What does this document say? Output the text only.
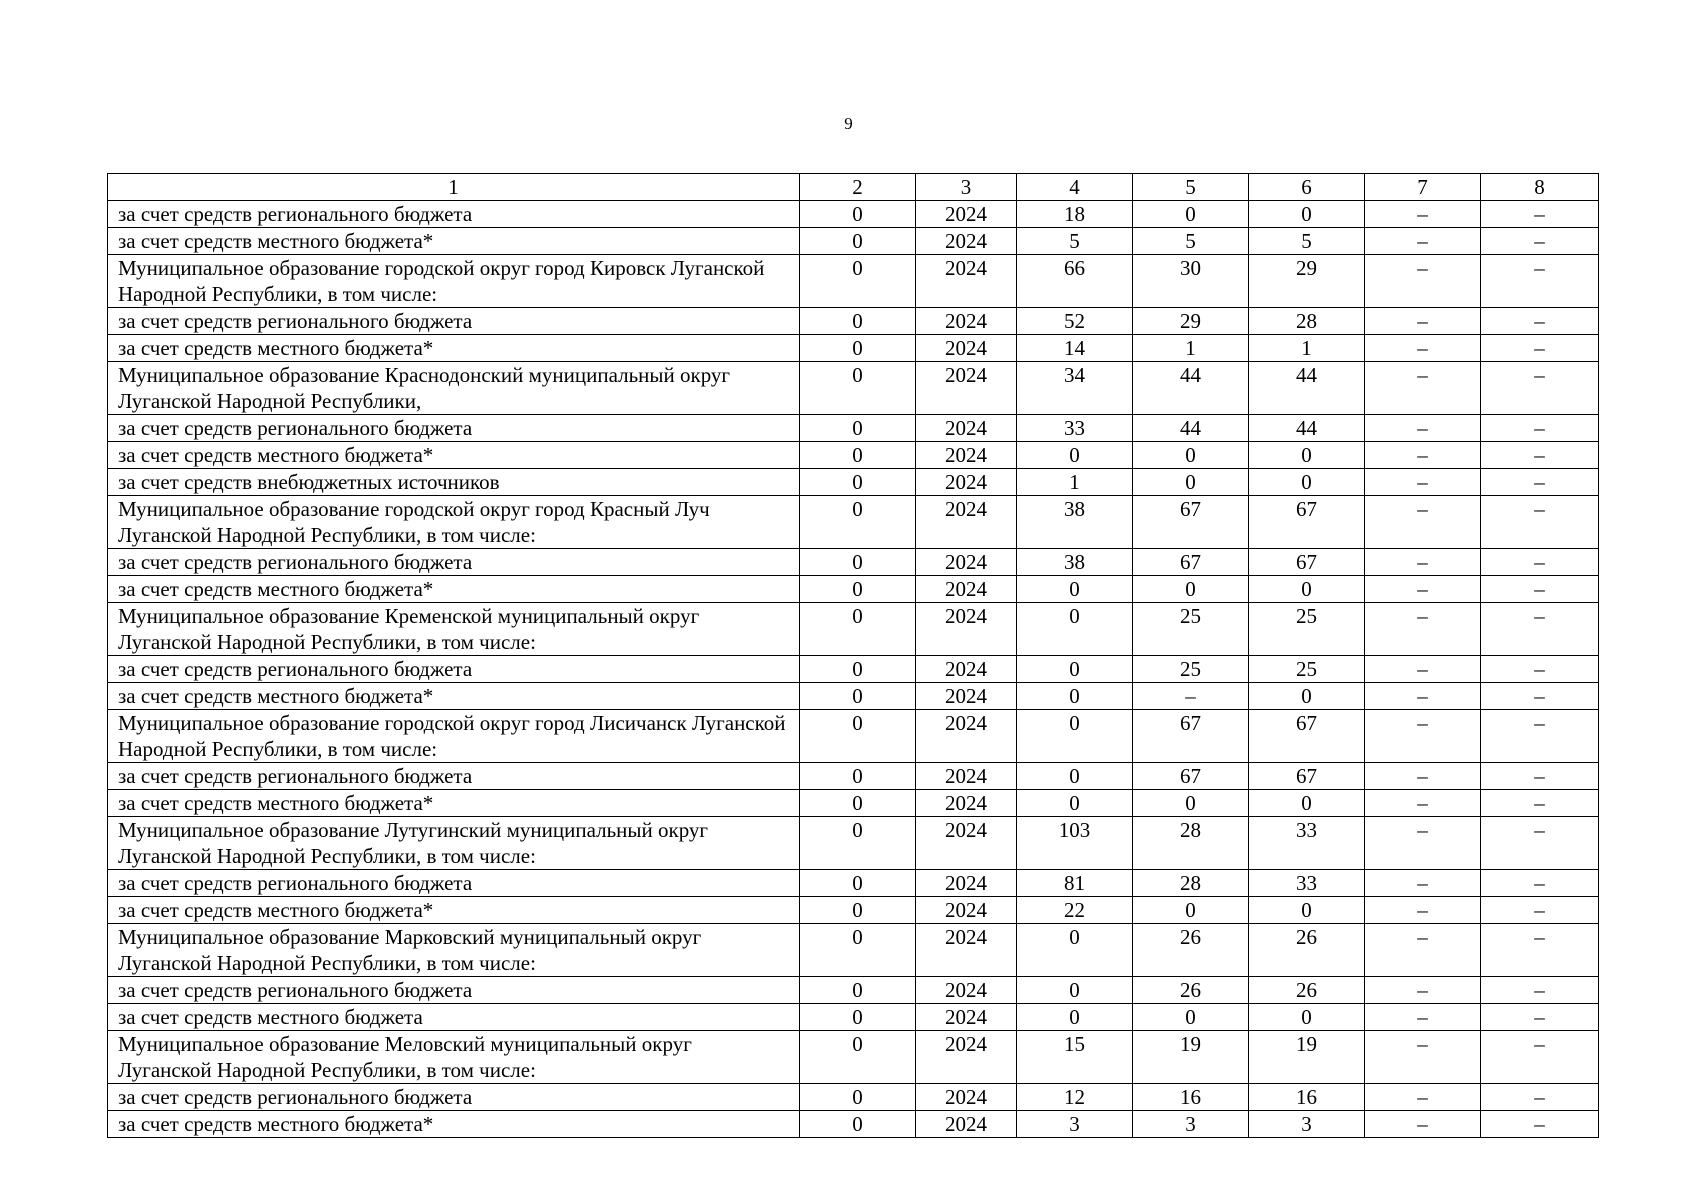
9
1	2	3	4	5	6	7	8
за счет средств регионального бюджета	0	2024	18	0	0	–	–
за счет средств местного бюджета*	0	2024	5	5	5	–	–
Муниципальное образование городской округ город Кировск Луганской Народной Республики, в том числе:	0	2024	66	30	29	–	–
за счет средств регионального бюджета	0	2024	52	29	28	–	–
за счет средств местного бюджета*	0	2024	14	1	1	–	–
Муниципальное образование Краснодонский муниципальный округ Луганской Народной Республики,	0	2024	34	44	44	–	–
за счет средств регионального бюджета	0	2024	33	44	44	–	–
за счет средств местного бюджета*	0	2024	0	0	0	–	–
за счет средств внебюджетных источников	0	2024	1	0	0	–	–
Муниципальное образование городской округ город Красный Луч Луганской Народной Республики, в том числе:	0	2024	38	67	67	–	–
за счет средств регионального бюджета	0	2024	38	67	67	–	–
за счет средств местного бюджета*	0	2024	0	0	0	–	–
Муниципальное образование Кременской муниципальный округ Луганской Народной Республики, в том числе:	0	2024	0	25	25	–	–
за счет средств регионального бюджета	0	2024	0	25	25	–	–
за счет средств местного бюджета*	0	2024	0	–	0	–	–
Муниципальное образование городской округ город Лисичанск Луганской Народной Республики, в том числе:	0	2024	0	67	67	–	–
за счет средств регионального бюджета	0	2024	0	67	67	–	–
за счет средств местного бюджета*	0	2024	0	0	0	–	–
Муниципальное образование Лутугинский муниципальный округ Луганской Народной Республики, в том числе:	0	2024	103	28	33	–	–
за счет средств регионального бюджета	0	2024	81	28	33	–	–
за счет средств местного бюджета*	0	2024	22	0	0	–	–
Муниципальное образование Марковский муниципальный округ Луганской Народной Республики, в том числе:	0	2024	0	26	26	–	–
за счет средств регионального бюджета	0	2024	0	26	26	–	–
за счет средств местного бюджета	0	2024	0	0	0	–	–
Муниципальное образование Меловский муниципальный округ Луганской Народной Республики, в том числе:	0	2024	15	19	19	–	–
за счет средств регионального бюджета	0	2024	12	16	16	–	–
за счет средств местного бюджета*	0	2024	3	3	3	–	–
